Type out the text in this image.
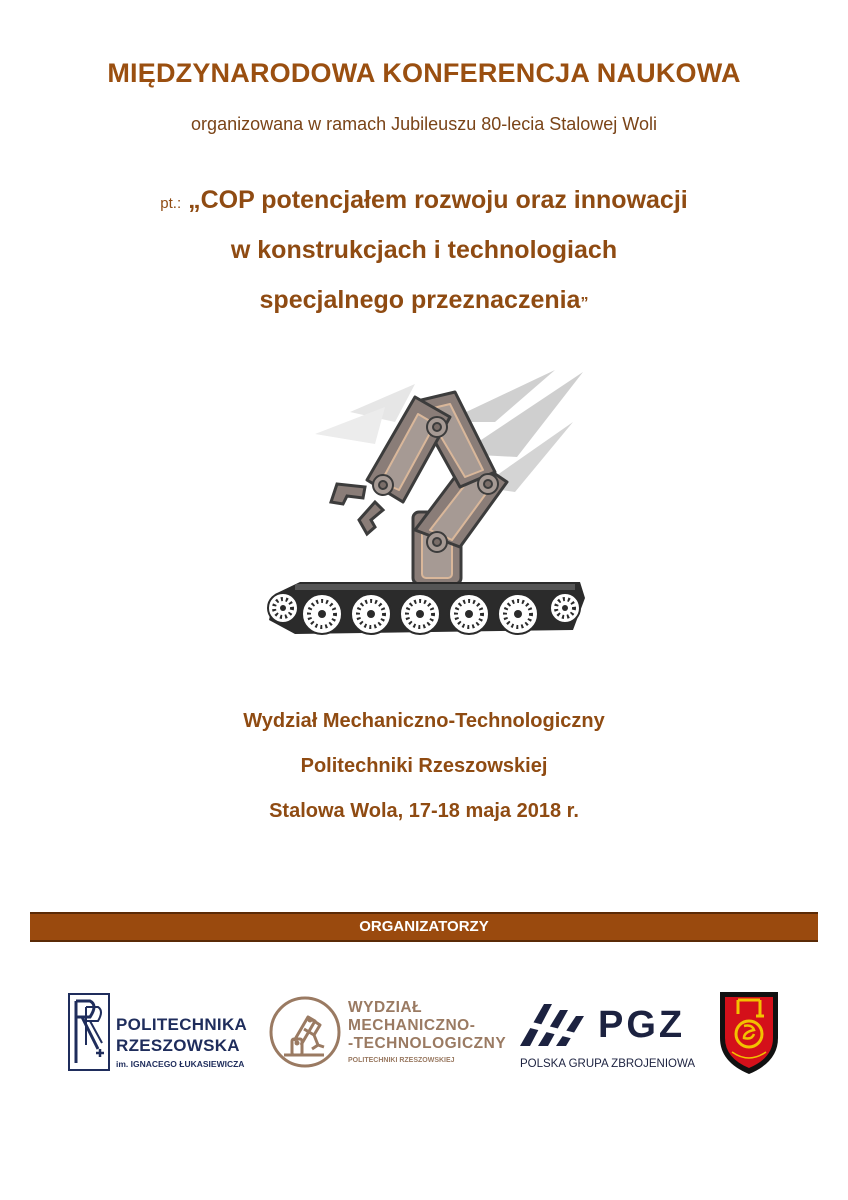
MIĘDZYNARODOWA KONFERENCJA NAUKOWA
organizowana w ramach Jubileuszu 80-lecia Stalowej Woli
pt.: „COP potencjałem rozwoju oraz innowacji
w konstrukcjach i technologiach
specjalnego przeznaczenia”
Wydział Mechaniczno-Technologiczny
Politechniki Rzeszowskiej
Stalowa Wola, 17-18 maja 2018 r.
ORGANIZATORZY
POLITECHNIKA
RZESZOWSKA
im. IGNACEGO ŁUKASIEWICZA
WYDZIAŁ
MECHANICZNO-
-TECHNOLOGICZNY
POLITECHNIKI RZESZOWSKIEJ
PGZ
POLSKA GRUPA ZBROJENIOWA
